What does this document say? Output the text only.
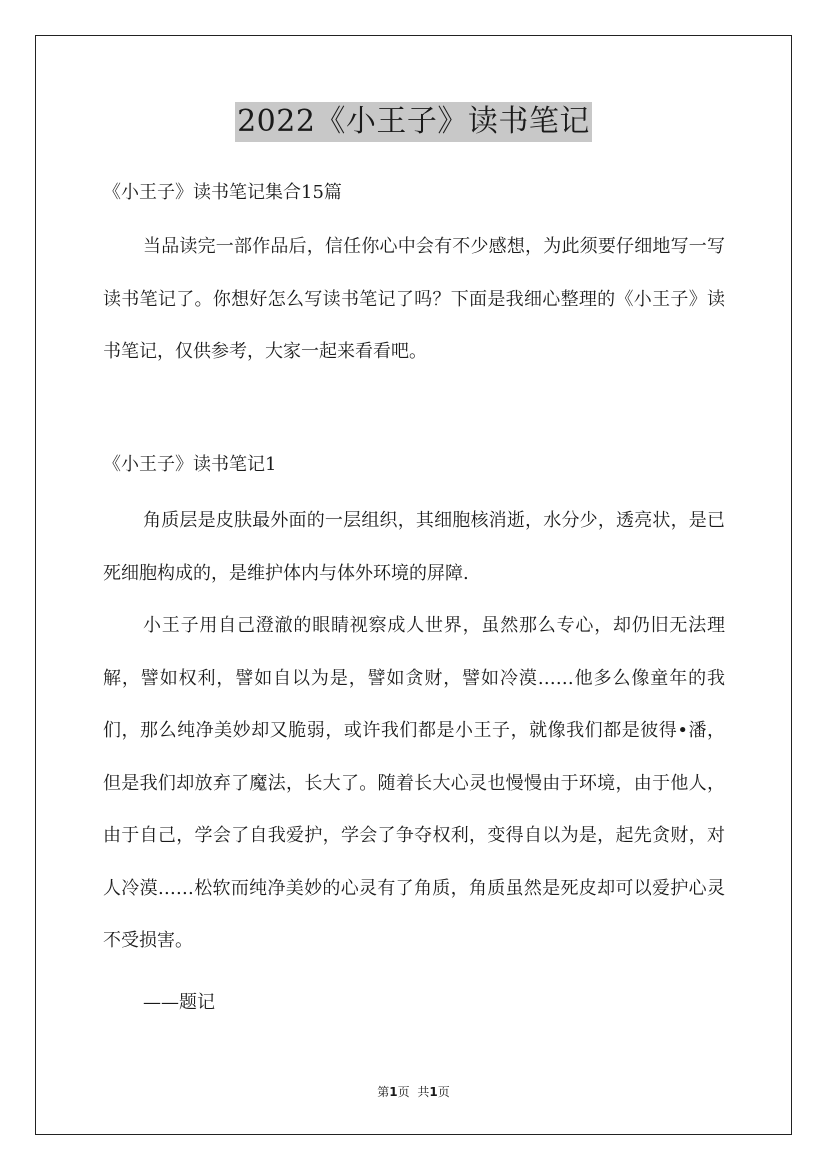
2022《小王子》读书笔记
《小王子》读书笔记集合15篇

当品读完一部作品后，信任你心中会有不少感想，为此须要仔细地写一写读书笔记了。你想好怎么写读书笔记了吗？下面是我细心整理的《小王子》读书笔记，仅供参考，大家一起来看看吧。

《小王子》读书笔记1

角质层是皮肤最外面的一层组织，其细胞核消逝，水分少，透亮状，是已死细胞构成的，是维护体内与体外环境的屏障.

小王子用自己澄澈的眼睛视察成人世界，虽然那么专心，却仍旧无法理解，譬如权利，譬如自以为是，譬如贪财，譬如冷漠……他多么像童年的我们，那么纯净美妙却又脆弱，或许我们都是小王子，就像我们都是彼得•潘，但是我们却放弃了魔法，长大了。随着长大心灵也慢慢由于环境，由于他人，由于自己，学会了自我爱护，学会了争夺权利，变得自以为是，起先贪财，对人冷漠……松软而纯净美妙的心灵有了角质，角质虽然是死皮却可以爱护心灵不受损害。

——题记
第1页 共1页
